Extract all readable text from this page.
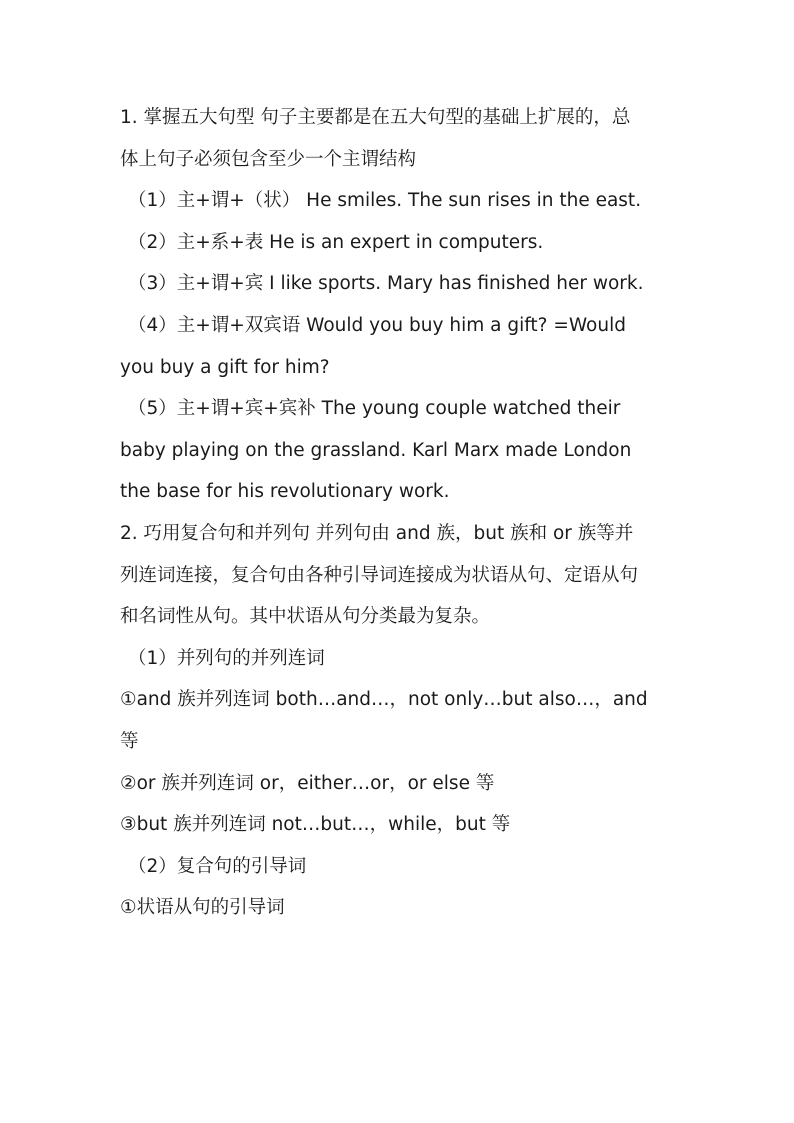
1. 掌握五大句型 句子主要都是在五大句型的基础上扩展的，总
体上句子必须包含至少一个主谓结构
（1）主+谓+（状） He smiles. The sun rises in the east.
（2）主+系+表 He is an expert in computers.
（3）主+谓+宾 I like sports. Mary has finished her work.
（4）主+谓+双宾语 Would you buy him a gift? =Would
you buy a gift for him?
（5）主+谓+宾+宾补 The young couple watched their
baby playing on the grassland. Karl Marx made London
the base for his revolutionary work.
2. 巧用复合句和并列句 并列句由 and 族，but 族和 or 族等并
列连词连接，复合句由各种引导词连接成为状语从句、定语从句
和名词性从句。其中状语从句分类最为复杂。
（1）并列句的并列连词
①and 族并列连词 both…and…，not only…but also…，and
等
②or 族并列连词 or，either…or，or else 等
③but 族并列连词 not…but…，while，but 等
（2）复合句的引导词
①状语从句的引导词
